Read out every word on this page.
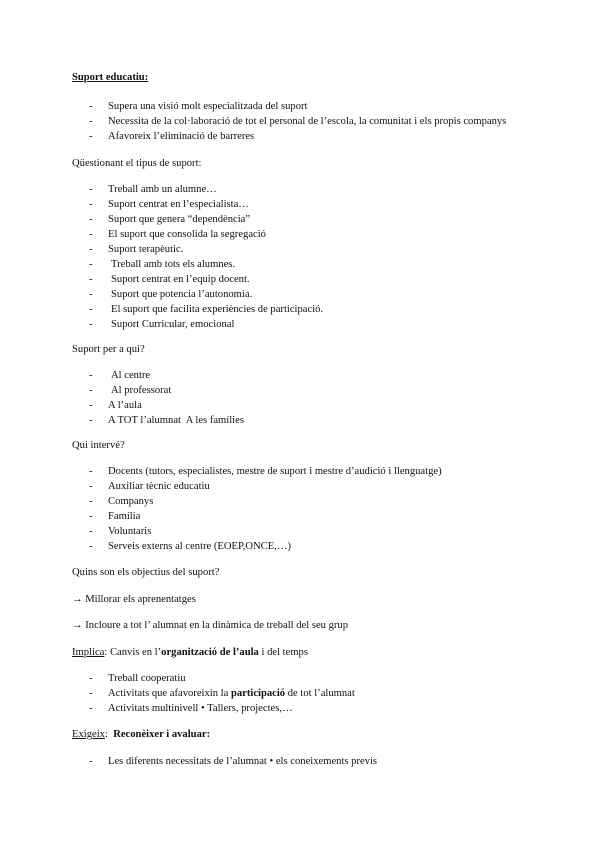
Suport educatiu:
- Supera una visió molt especialitzada del suport
- Necessita de la col·laboració de tot el personal de l’escola, la comunitat i els propis companys
- Afavoreix l’eliminació de barreres
Qüestionant el tipus de suport:
- Treball amb un alumne…
- Suport centrat en l’especialista…
- Suport que genera “dependència”
- El suport que consolida la segregació
- Suport terapèutic.
- Treball amb tots els alumnes.
- Suport centrat en l’equip docent.
- Suport que potencia l’autonomia.
- El suport que facilita experiències de participació.
- Suport Curricular, emocional
Suport per a qui?
- Al centre
- Al professorat
- A l’aula
- A TOT l’alumnat  A les famílies
Qui intervé?
- Docents (tutors, especialistes, mestre de suport i mestre d’audició i llenguatge)
- Auxiliar tècnic educatiu
- Companys
- Família
- Voluntaris
- Serveis externs al centre (EOEP,ONCE,…)
Quins son els objectius del suport?
→ Millorar els aprenentatges
→ Incloure a tot l’ alumnat en la dinàmica de treball del seu grup
Implica: Canvis en l’organització de l’aula i del temps
- Treball cooperatiu
- Activitats que afavoreixin la participació de tot l’alumnat
- Activitats multinivell • Tallers, projectes,…
Exigeix:  Reconèixer i avaluar:
- Les diferents necessitats de l’alumnat • els coneixements previs
